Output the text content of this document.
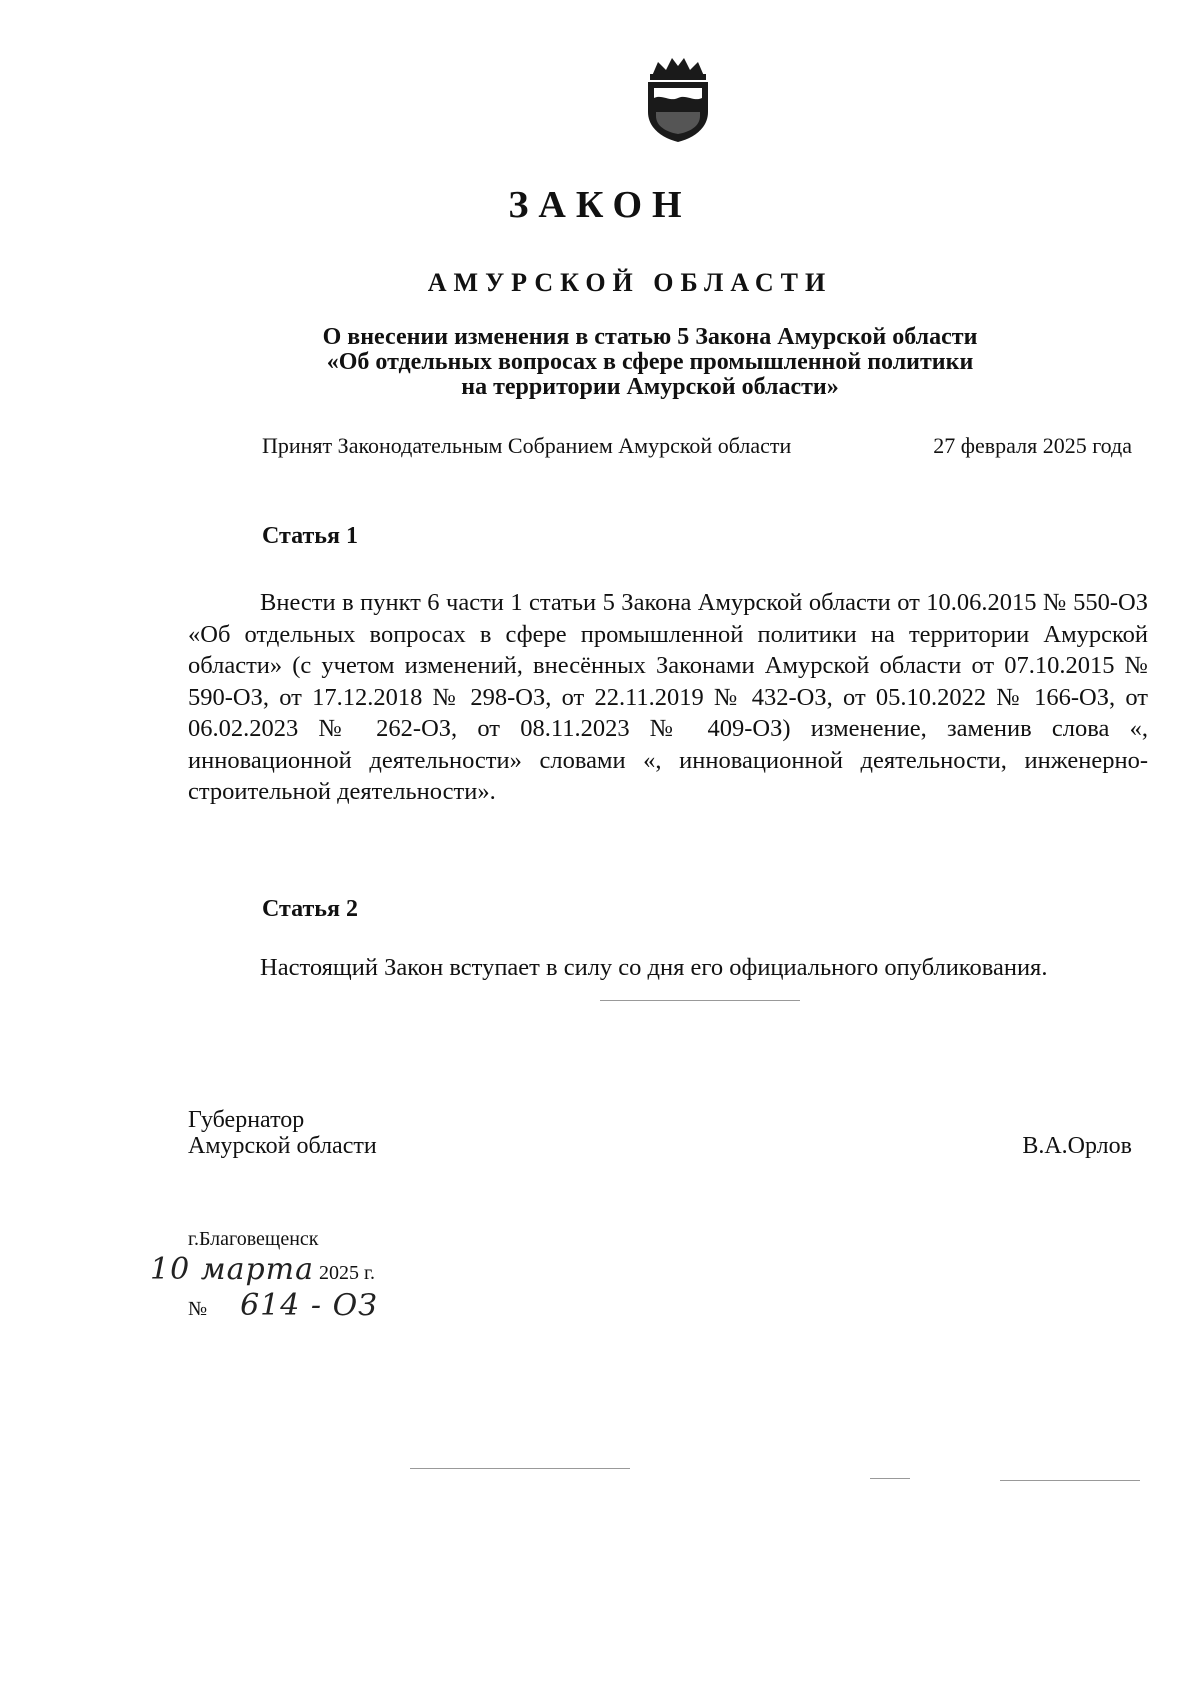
ЗАКОН
АМУРСКОЙ ОБЛАСТИ
О внесении изменения в статью 5 Закона Амурской области
«Об отдельных вопросах в сфере промышленной политики
на территории Амурской области»
Принят Законодательным Собранием Амурской области	27 февраля 2025 года
Статья 1
Внести в пункт 6 части 1 статьи 5 Закона Амурской области от 10.06.2015 № 550-ОЗ «Об отдельных вопросах в сфере промышленной политики на территории Амурской области» (с учетом изменений, внесённых Законами Амурской области от 07.10.2015 № 590-ОЗ, от 17.12.2018 № 298-ОЗ, от 22.11.2019 № 432-ОЗ, от 05.10.2022 № 166-ОЗ, от 06.02.2023 № 262-ОЗ, от 08.11.2023 № 409-ОЗ) изменение, заменив слова «, инновационной деятельности» словами «, инновационной деятельности, инженерно-строительной деятельности».
Статья 2
Настоящий Закон вступает в силу со дня его официального опубликования.
Губернатор
Амурской области	В.А.Орлов
г.Благовещенск
10 марта 2025 г.
№ 614 - ОЗ
